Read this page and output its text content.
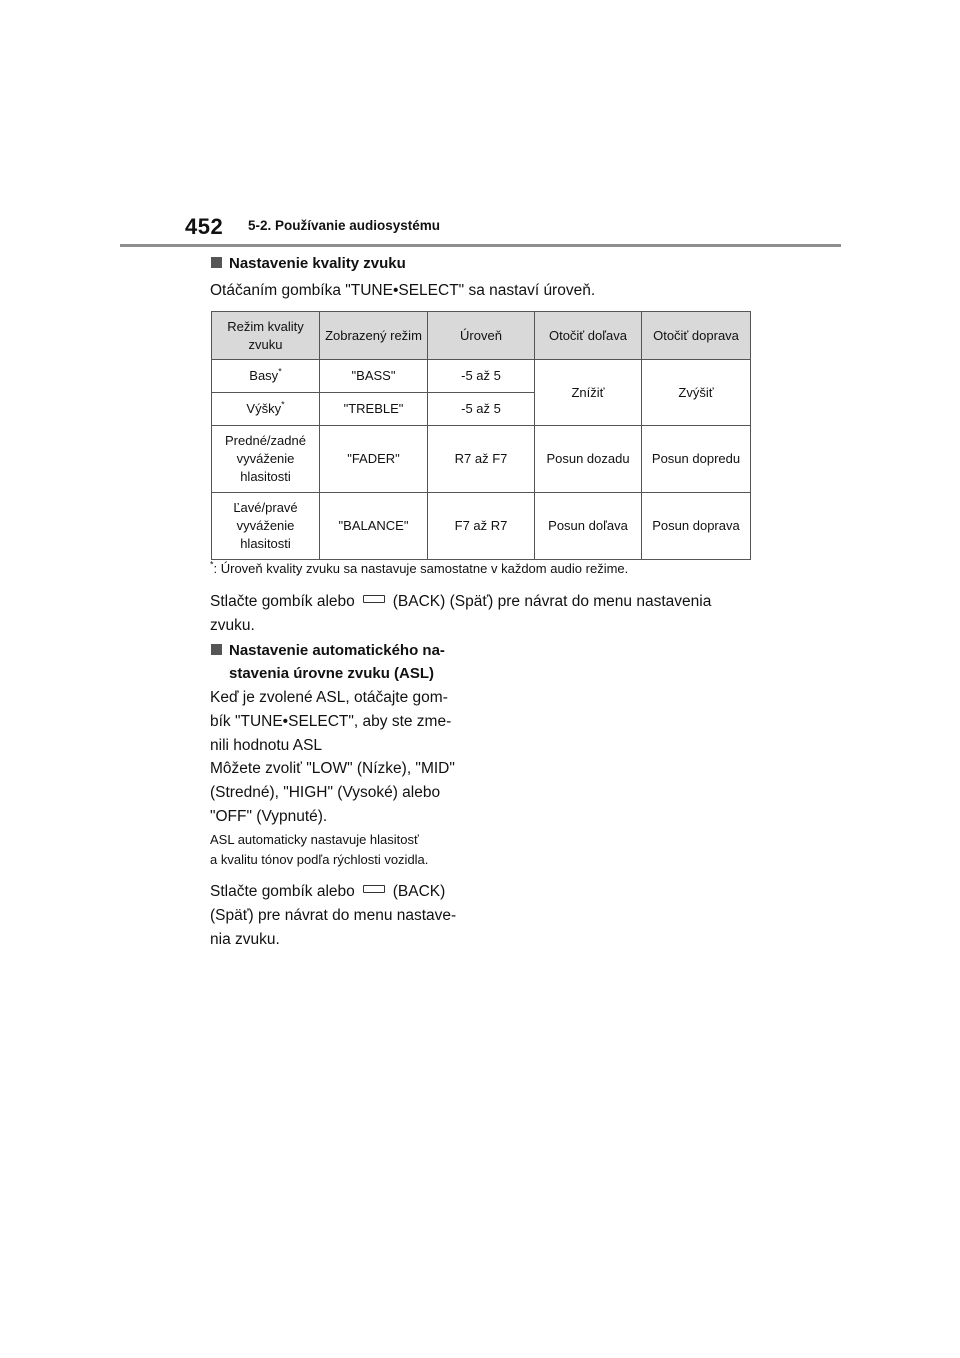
452 5-2. Používanie audiosystému
Nastavenie kvality zvuku
Otáčaním gombíka "TUNE•SELECT" sa nastaví úroveň.
Režim kvality zvuku	Zobrazený režim	Úroveň	Otočiť doľava	Otočiť doprava
Basy*	"BASS"	-5 až 5	Znížiť	Zvýšiť
Výšky*	"TREBLE"	-5 až 5		
Predné/zadné vyváženie hlasitosti	"FADER"	R7 až F7	Posun dozadu	Posun dopredu
Ľavé/pravé vyváženie hlasitosti	"BALANCE"	F7 až R7	Posun doľava	Posun doprava
*: Úroveň kvality zvuku sa nastavuje samostatne v každom audio režime.
Stlačte gombík alebo (BACK) (Späť) pre návrat do menu nastavenia
zvuku.
Nastavenie automatického na-
stavenia úrovne zvuku (ASL)
Keď je zvolené ASL, otáčajte gom-
bík "TUNE•SELECT", aby ste zme-
nili hodnotu ASL
Môžete zvoliť "LOW" (Nízke), "MID"
(Stredné), "HIGH" (Vysoké) alebo
"OFF" (Vypnuté).
ASL automaticky nastavuje hlasitosť
a kvalitu tónov podľa rýchlosti vozidla.
Stlačte gombík alebo (BACK)
(Späť) pre návrat do menu nastave-
nia zvuku.
